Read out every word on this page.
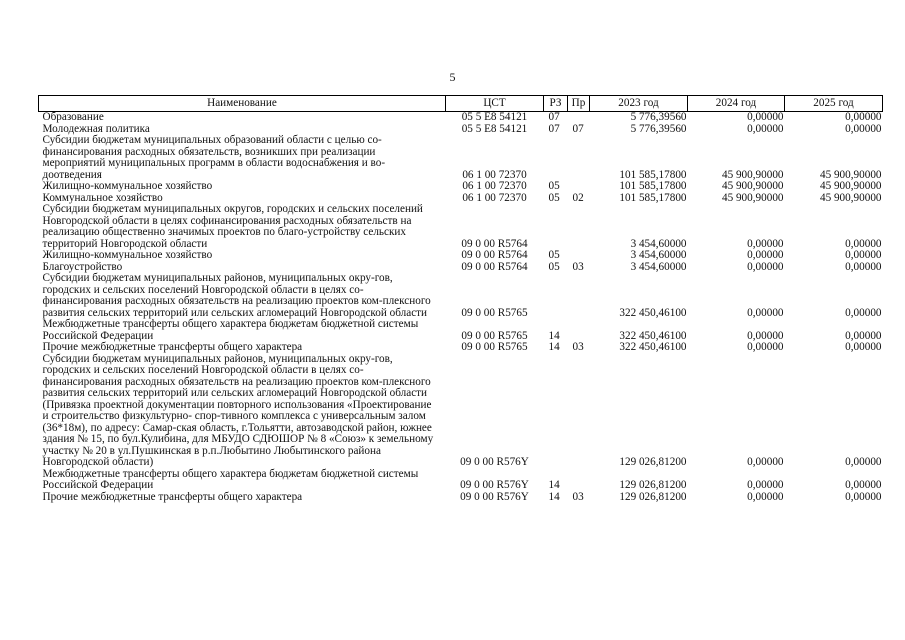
5
Наименование	ЦСТ	РЗ	Пр	2023 год	2024 год	2025 год
Образование	05 5 E8 54121	07		5 776,39560	0,00000	0,00000
Молодежная политика	05 5 E8 54121	07	07	5 776,39560	0,00000	0,00000
Субсидии бюджетам муниципальных образований области с целью со-финансирования расходных обязательств, возникших при реализации мероприятий муниципальных программ в области водоснабжения и во-доотведения	06 1 00 72370			101 585,17800	45 900,90000	45 900,90000
Жилищно-коммунальное хозяйство	06 1 00 72370	05		101 585,17800	45 900,90000	45 900,90000
Коммунальное хозяйство	06 1 00 72370	05	02	101 585,17800	45 900,90000	45 900,90000
Субсидии бюджетам муниципальных округов, городских и сельских поселений Новгородской области в целях софинансирования расходных обязательств на реализацию общественно значимых проектов по благо-устройству сельских территорий Новгородской области	09 0 00 R5764			3 454,60000	0,00000	0,00000
Жилищно-коммунальное хозяйство	09 0 00 R5764	05		3 454,60000	0,00000	0,00000
Благоустройство	09 0 00 R5764	05	03	3 454,60000	0,00000	0,00000
Субсидии бюджетам муниципальных районов, муниципальных окру-гов, городских и сельских поселений Новгородской области в целях со-финансирования расходных обязательств на реализацию проектов ком-плексного развития сельских территорий или сельских агломераций Новгородской области	09 0 00 R5765			322 450,46100	0,00000	0,00000
Межбюджетные трансферты общего характера бюджетам бюджетной системы Российской Федерации	09 0 00 R5765	14		322 450,46100	0,00000	0,00000
Прочие межбюджетные трансферты общего характера	09 0 00 R5765	14	03	322 450,46100	0,00000	0,00000
Субсидии бюджетам муниципальных районов, муниципальных окру-гов, городских и сельских поселений Новгородской области в целях со-финансирования расходных обязательств на реализацию проектов ком-плексного развития сельских территорий или сельских агломераций Новгородской области (Привязка проектной документации повторного использования «Проектирование и строительство физкультурно- спор-тивного комплекса с универсальным залом (36*18м), по адресу: Самар-ская область, г.Тольятти, автозаводской район, южнее здания № 15, по бул.Кулибина, для МБУДО СДЮШОР № 8 «Союз» к земельному участку № 20 в ул.Пушкинская в р.п.Любытино Любытинского района Новгородской области)	09 0 00 R576Y			129 026,81200	0,00000	0,00000
Межбюджетные трансферты общего характера бюджетам бюджетной системы Российской Федерации	09 0 00 R576Y	14		129 026,81200	0,00000	0,00000
Прочие межбюджетные трансферты общего характера	09 0 00 R576Y	14	03	129 026,81200	0,00000	0,00000
